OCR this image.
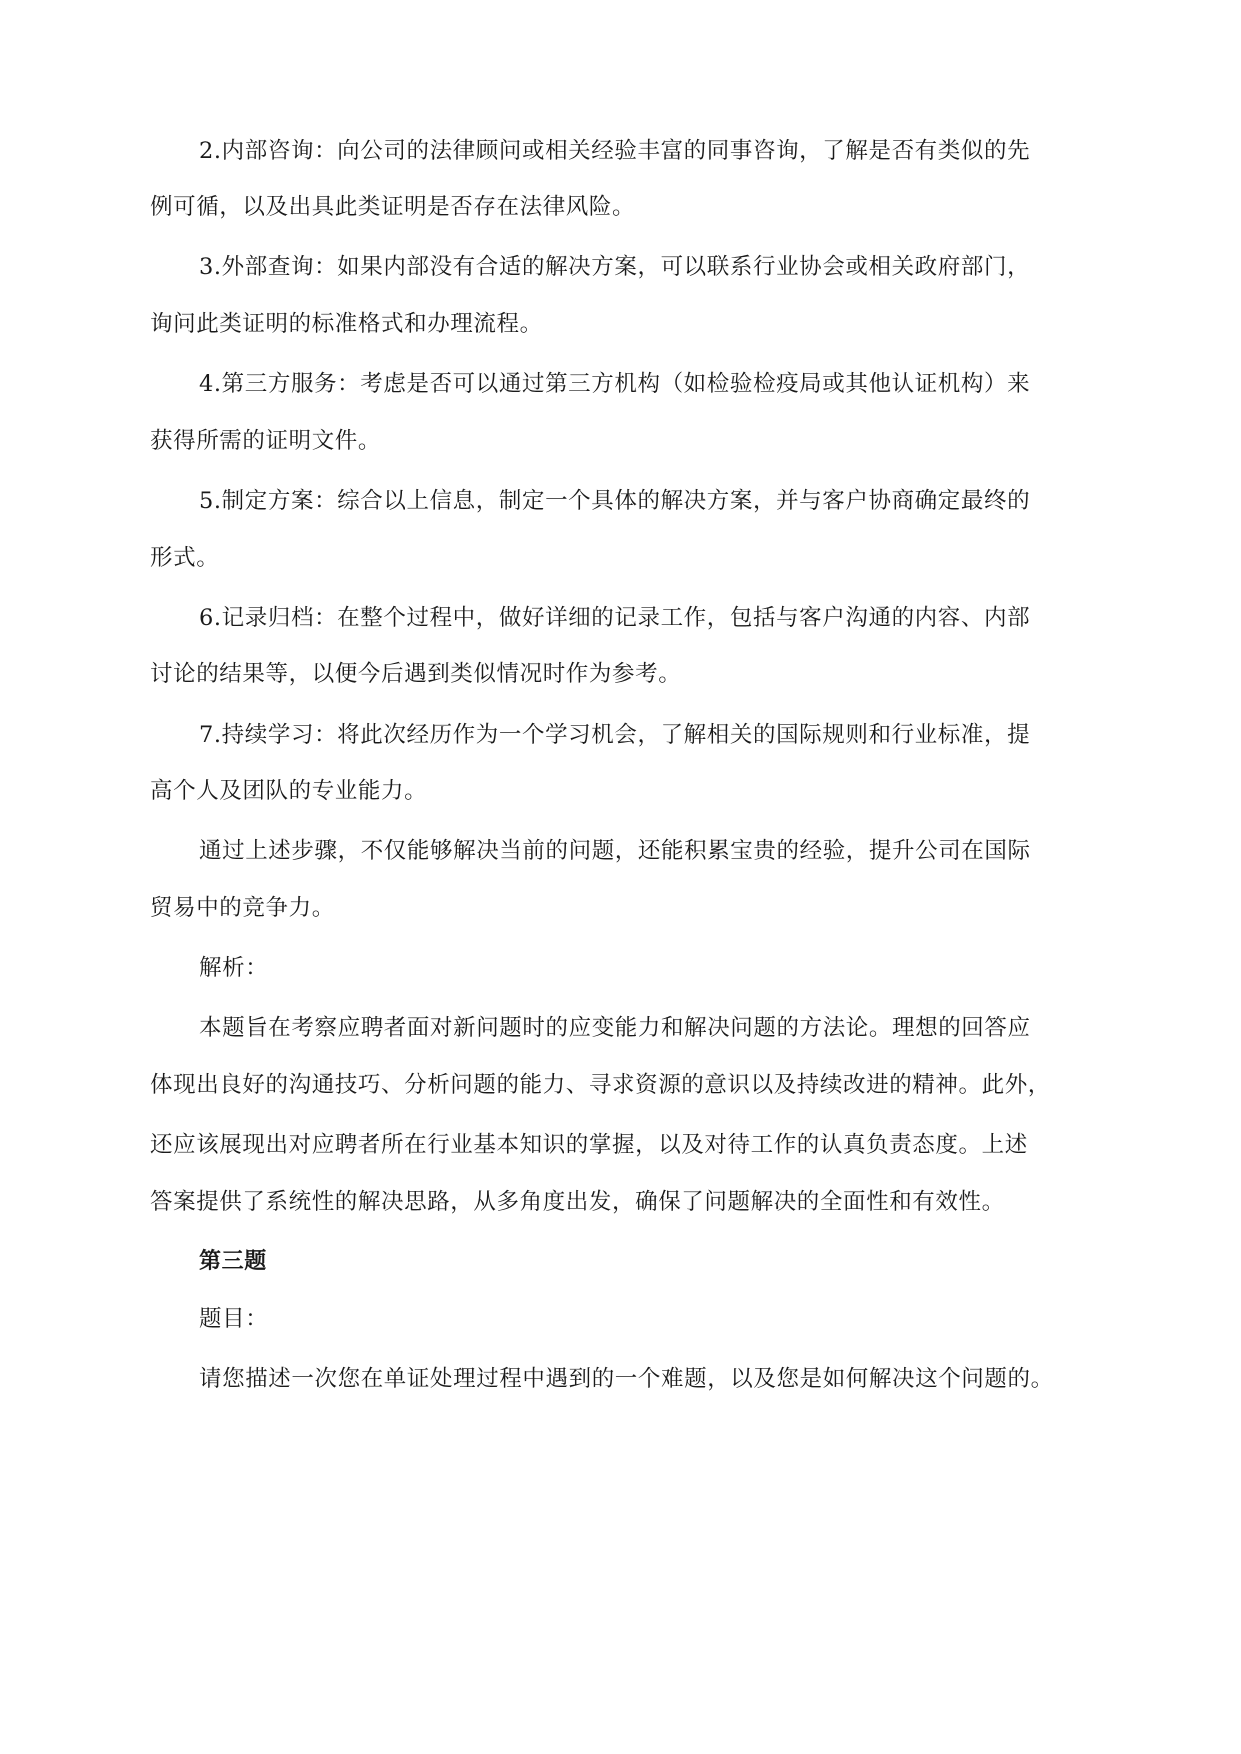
2.内部咨询：向公司的法律顾问或相关经验丰富的同事咨询，了解是否有类似的先
例可循，以及出具此类证明是否存在法律风险。
3.外部查询：如果内部没有合适的解决方案，可以联系行业协会或相关政府部门，
询问此类证明的标准格式和办理流程。
4.第三方服务：考虑是否可以通过第三方机构（如检验检疫局或其他认证机构）来
获得所需的证明文件。
5.制定方案：综合以上信息，制定一个具体的解决方案，并与客户协商确定最终的
形式。
6.记录归档：在整个过程中，做好详细的记录工作，包括与客户沟通的内容、内部
讨论的结果等，以便今后遇到类似情况时作为参考。
7.持续学习：将此次经历作为一个学习机会，了解相关的国际规则和行业标准，提
高个人及团队的专业能力。
通过上述步骤，不仅能够解决当前的问题，还能积累宝贵的经验，提升公司在国际
贸易中的竞争力。
解析：
本题旨在考察应聘者面对新问题时的应变能力和解决问题的方法论。理想的回答应
体现出良好的沟通技巧、分析问题的能力、寻求资源的意识以及持续改进的精神。此外，
还应该展现出对应聘者所在行业基本知识的掌握，以及对待工作的认真负责态度。上述
答案提供了系统性的解决思路，从多角度出发，确保了问题解决的全面性和有效性。
第三题
题目：
请您描述一次您在单证处理过程中遇到的一个难题，以及您是如何解决这个问题的。
